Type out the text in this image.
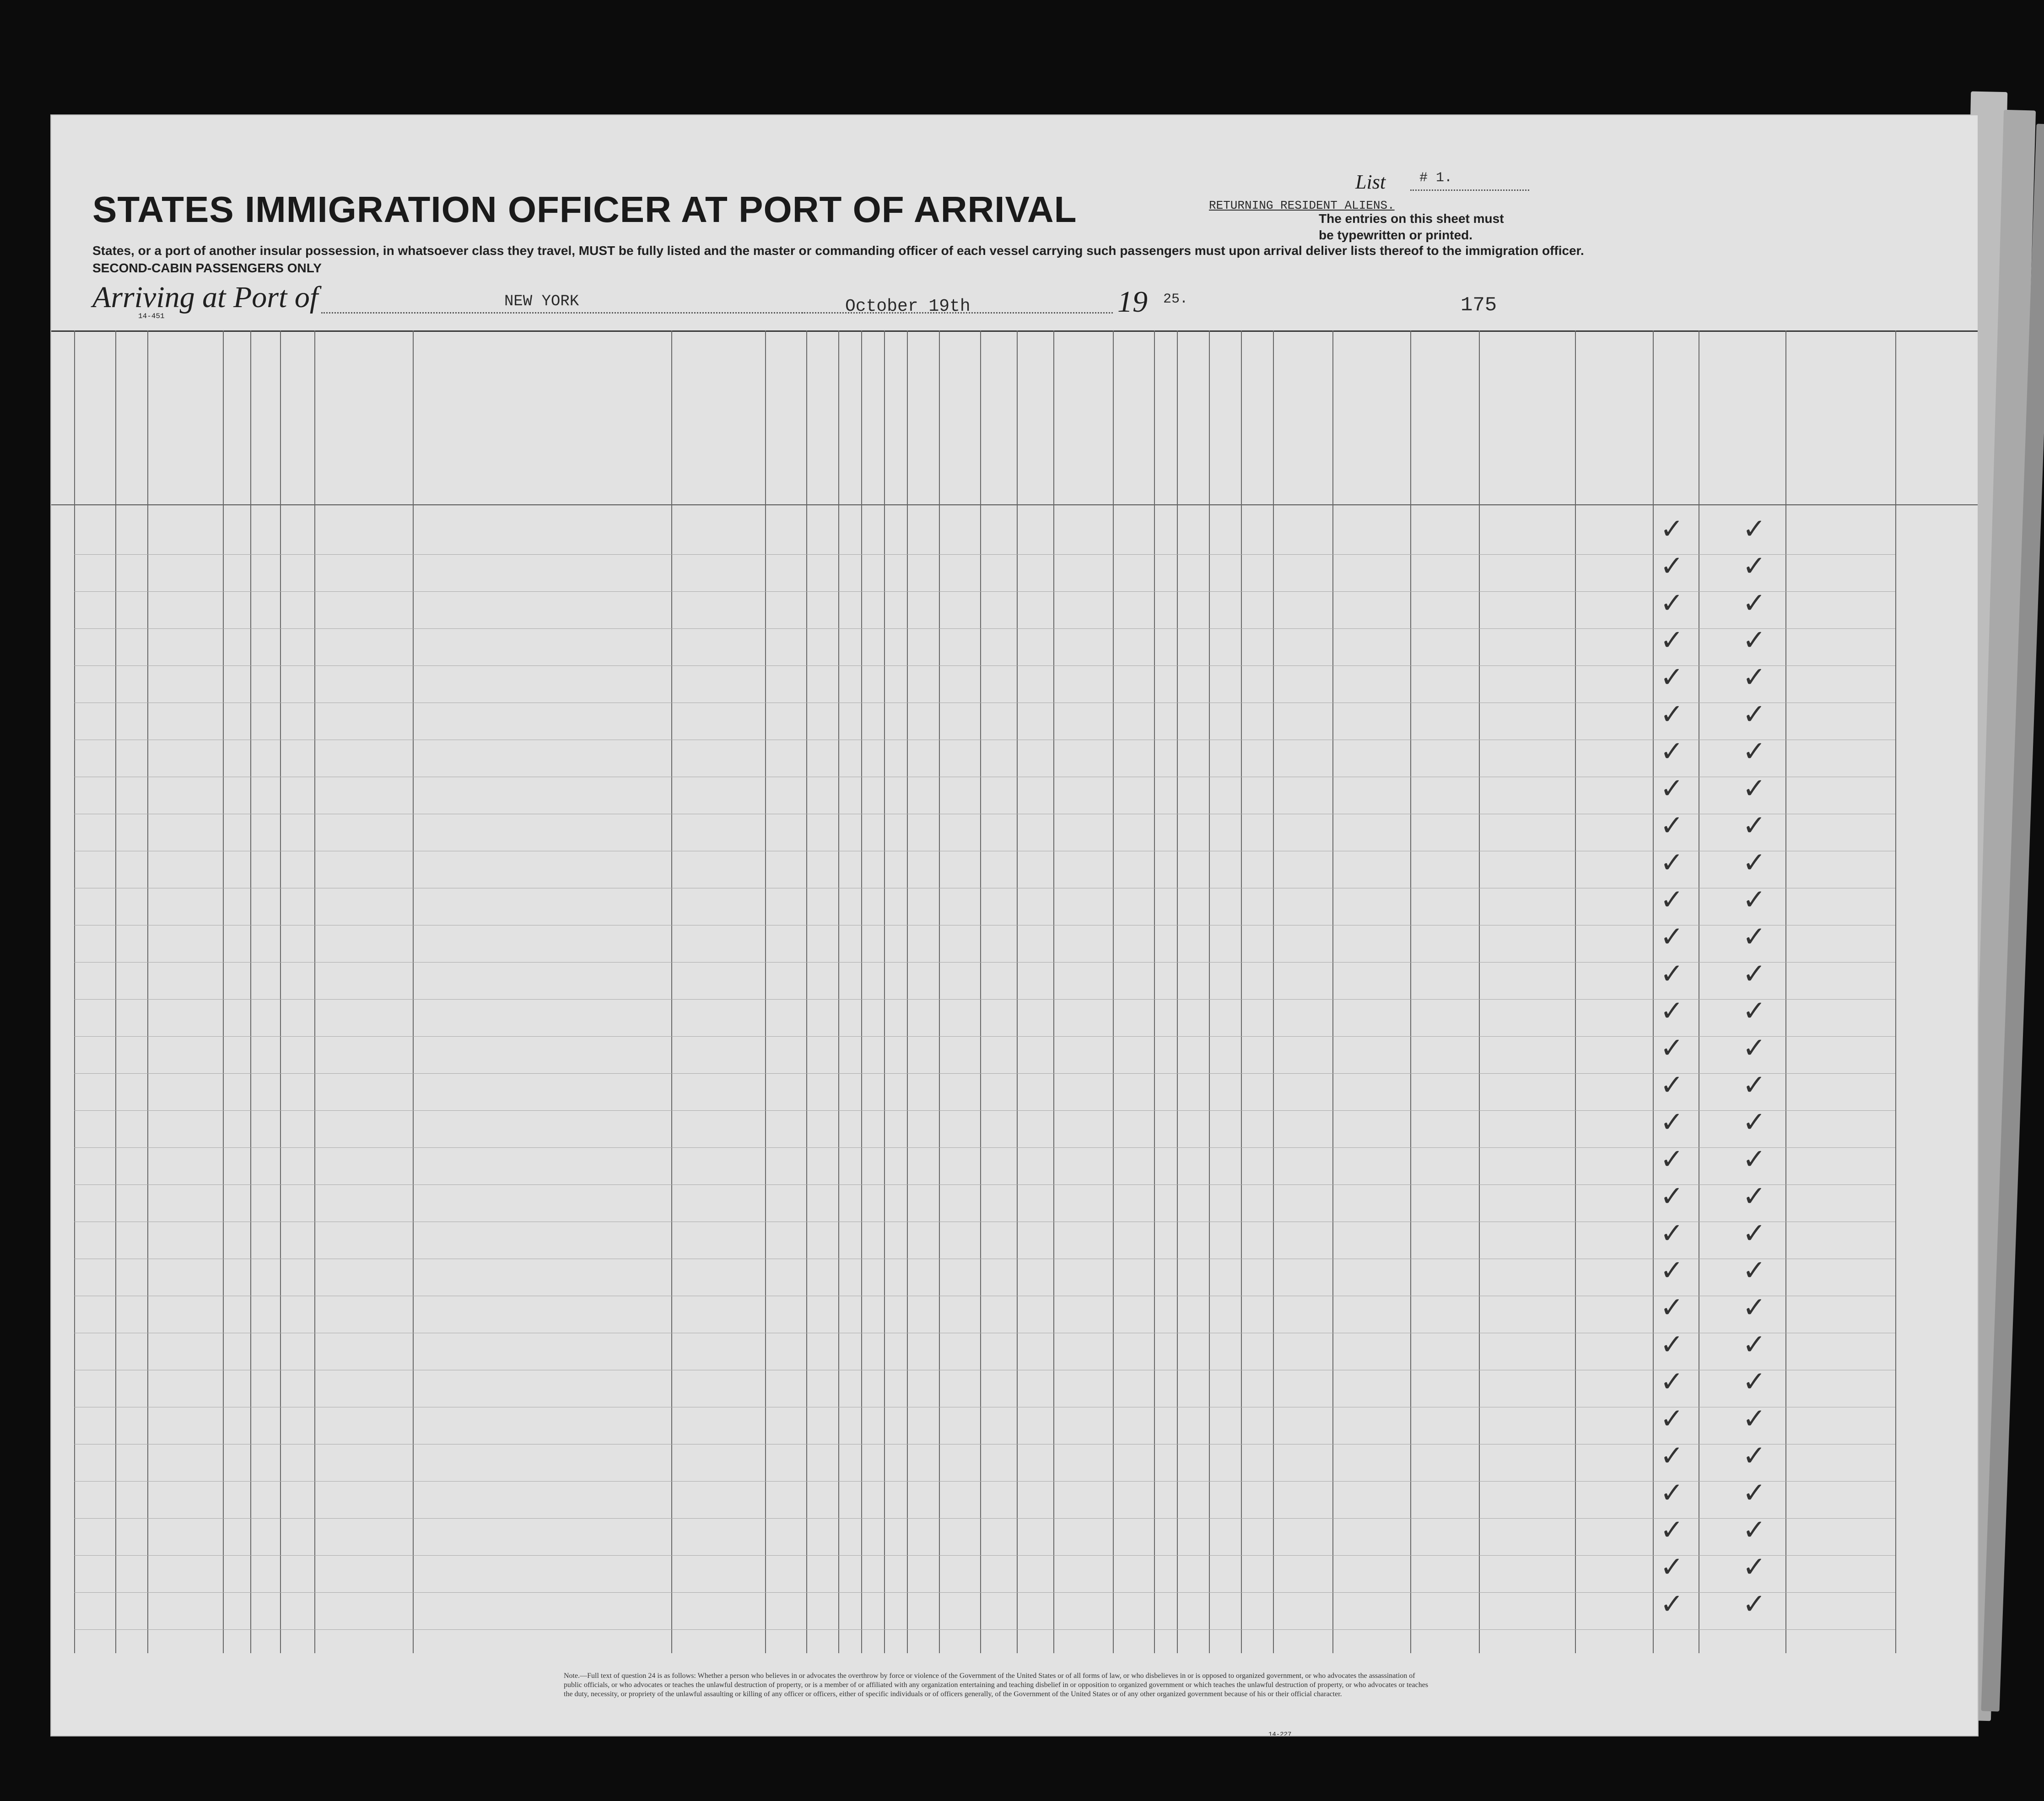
STATES IMMIGRATION OFFICER AT PORT OF ARRIVAL
States, or a port of another insular possession, in whatsoever class they travel, MUST be fully listed and the master or commanding officer of each vessel carrying such passengers must upon arrival deliver lists thereof to the immigration officer.
SECOND-CABIN PASSENGERS ONLY
Arriving at Port of
14-451
NEW YORK	October 19th	19 25.	175
List # 1.
RETURNING RESIDENT ALIENS.
The entries on this sheet must
be typewritten or printed.
✓ ✓
✓ ✓
✓ ✓
✓ ✓
✓ ✓
✓ ✓
✓ ✓
✓ ✓
✓ ✓
✓ ✓
✓ ✓
✓ ✓
✓ ✓
✓ ✓
✓ ✓
✓ ✓
✓ ✓
✓ ✓
✓ ✓
✓ ✓
✓ ✓
✓ ✓
✓ ✓
✓ ✓
✓ ✓
✓ ✓
✓ ✓
✓ ✓
✓ ✓
✓ ✓
Note.—Full text of question 24 is as follows: Whether a person who believes in or advocates the overthrow by force or violence of the Government of the United States or of all forms of law, or who disbelieves in or is opposed to organized government, or who advocates the assassination of public officials, or who advocates or teaches the unlawful destruction of property, or is a member of or affiliated with any organization entertaining and teaching disbelief in or opposition to organized government or which teaches the unlawful destruction of property, or who advocates or teaches the duty, necessity, or propriety of the unlawful assaulting or killing of any officer or officers, either of specific individuals or of officers generally, of the Government of the United States or of any other organized government because of his or their official character.
14-227
